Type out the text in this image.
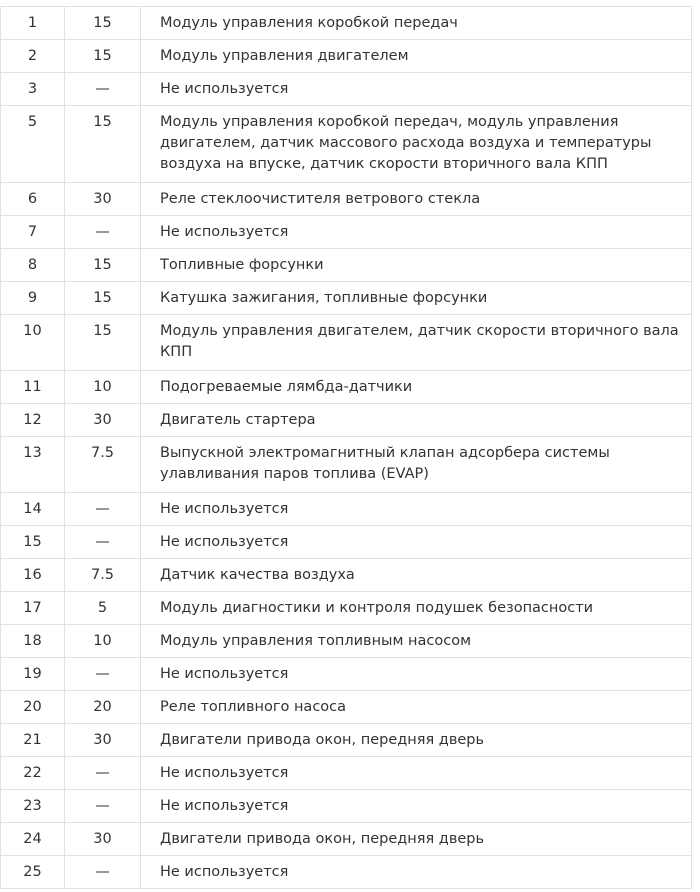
1	15	Модуль управления коробкой передач

2	15	Модуль управления двигателем

3	—	Не используется

5	15	Модуль управления коробкой передач, модуль управления двигателем, датчик массового расхода воздуха и температуры воздуха на впуске, датчик скорости вторичного вала КПП

6	30	Реле стеклоочистителя ветрового стекла

7	—	Не используется

8	15	Топливные форсунки

9	15	Катушка зажигания, топливные форсунки

10	15	Модуль управления двигателем, датчик скорости вторичного вала КПП

11	10	Подогреваемые лямбда-датчики

12	30	Двигатель стартера

13	7.5	Выпускной электромагнитный клапан адсорбера системы улавливания паров топлива (EVAP)

14	—	Не используется

15	—	Не используется

16	7.5	Датчик качества воздуха

17	5	Модуль диагностики и контроля подушек безопасности

18	10	Модуль управления топливным насосом

19	—	Не используется

20	20	Реле топливного насоса

21	30	Двигатели привода окон, передняя дверь

22	—	Не используется

23	—	Не используется

24	30	Двигатели привода окон, передняя дверь

25	—	Не используется
